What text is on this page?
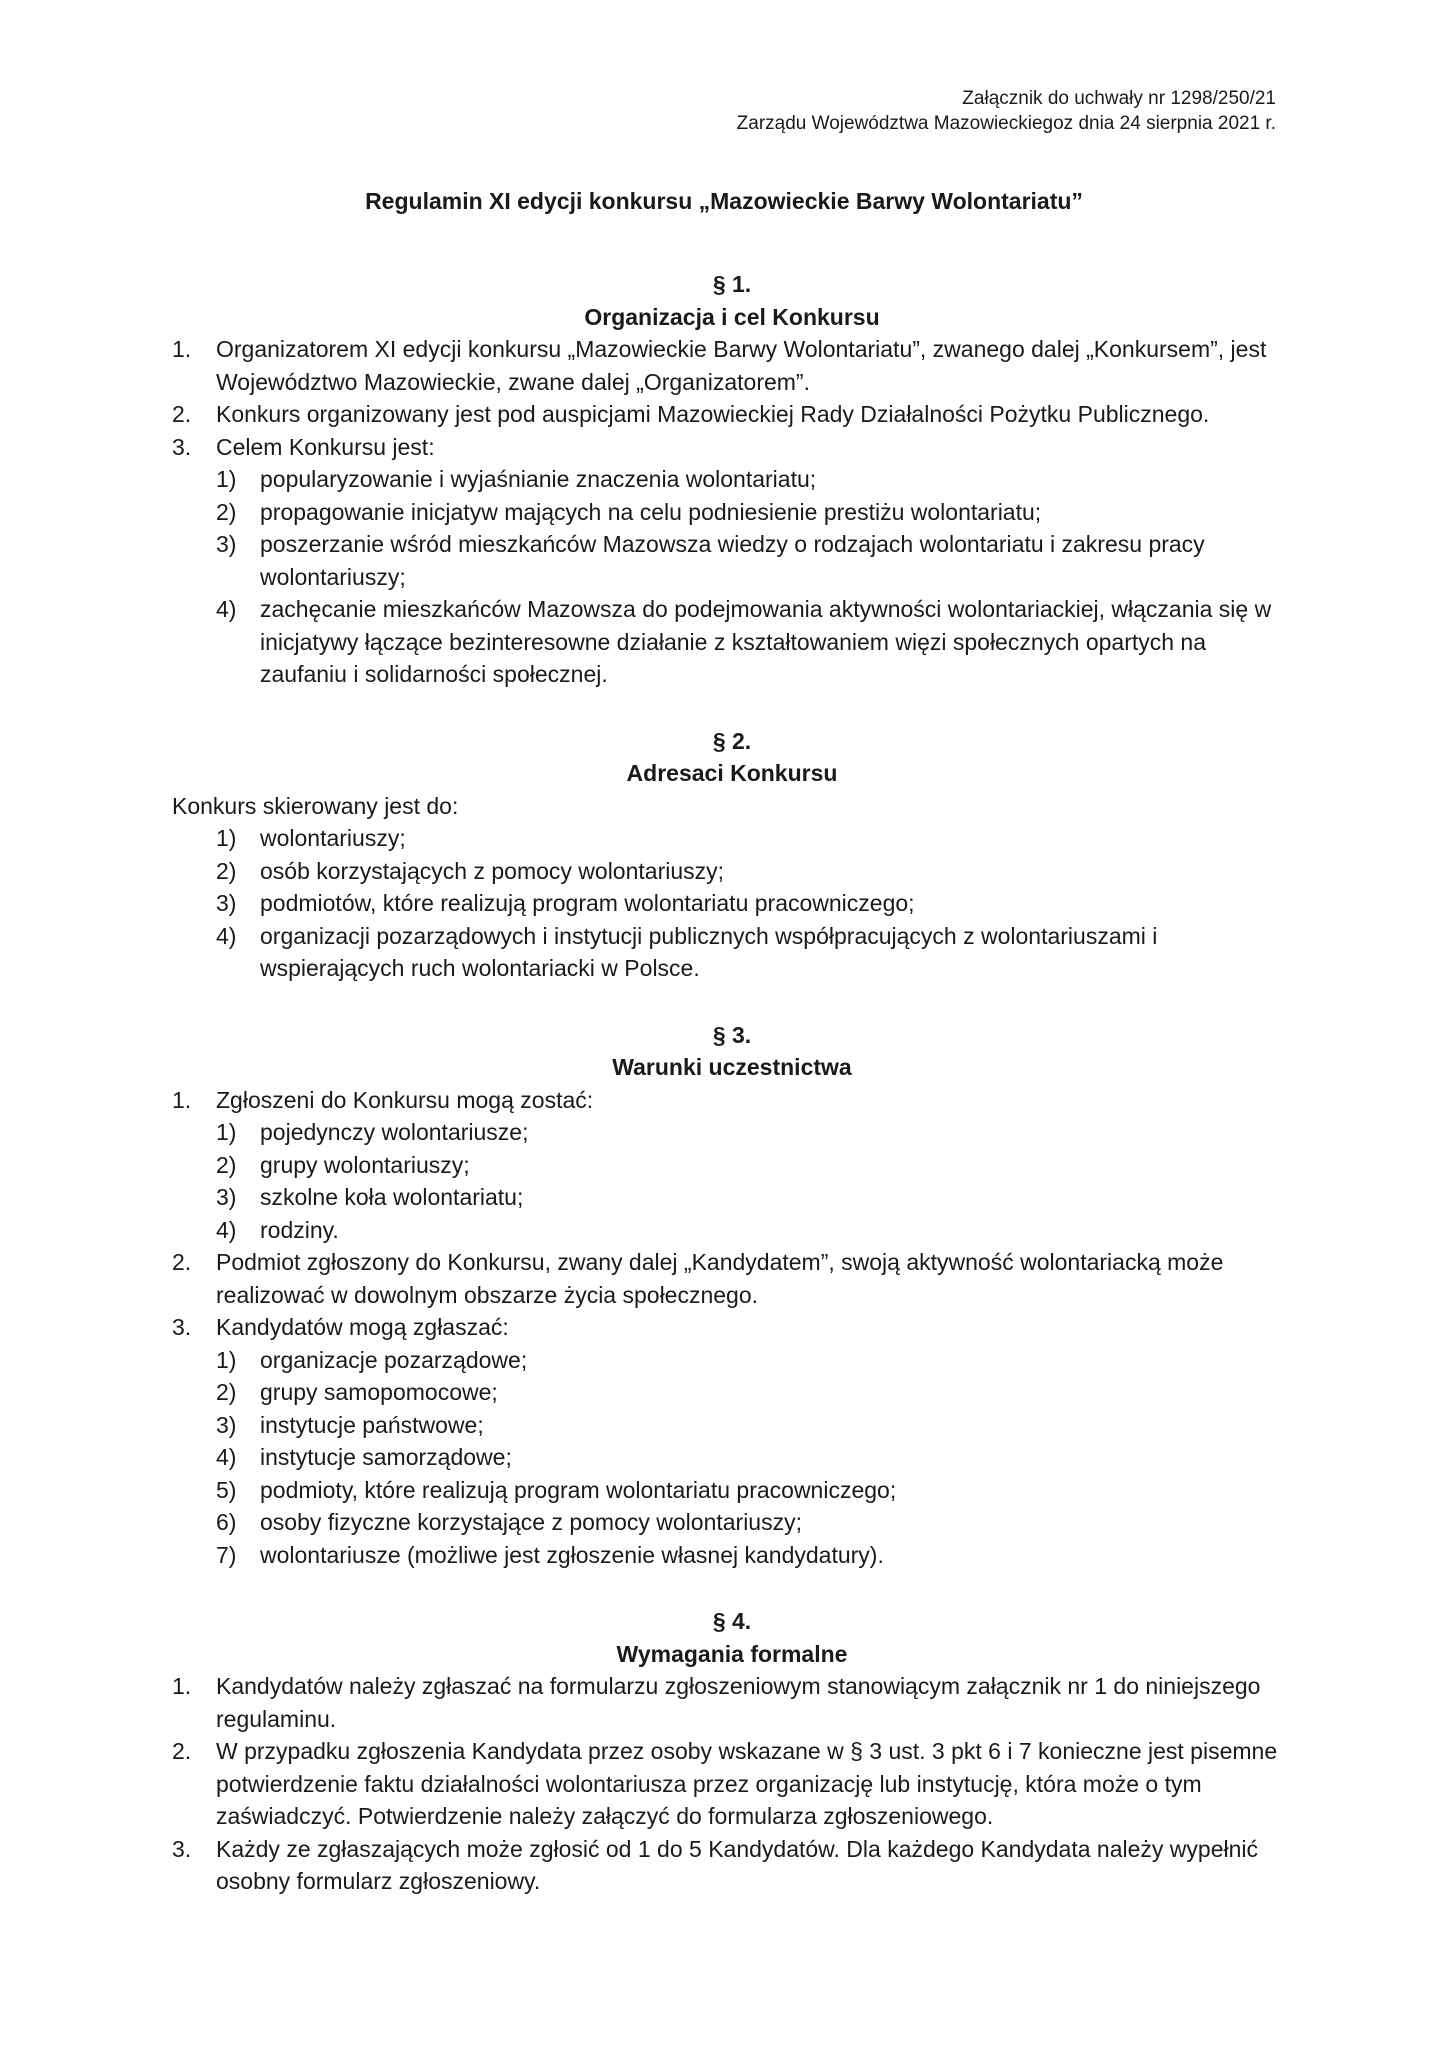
Załącznik do uchwały nr 1298/250/21
Zarządu Województwa Mazowieckiegoz dnia 24 sierpnia 2021 r.
Regulamin XI edycji konkursu „Mazowieckie Barwy Wolontariatu”
§ 1.
Organizacja i cel Konkursu
1. Organizatorem XI edycji konkursu „Mazowieckie Barwy Wolontariatu”, zwanego dalej „Konkursem”, jest Województwo Mazowieckie, zwane dalej „Organizatorem”.
2. Konkurs organizowany jest pod auspicjami Mazowieckiej Rady Działalności Pożytku Publicznego.
3. Celem Konkursu jest:
1) popularyzowanie i wyjaśnianie znaczenia wolontariatu;
2) propagowanie inicjatyw mających na celu podniesienie prestiżu wolontariatu;
3) poszerzanie wśród mieszkańców Mazowsza wiedzy o rodzajach wolontariatu i zakresu pracy wolontariuszy;
4) zachęcanie mieszkańców Mazowsza do podejmowania aktywności wolontariackiej, włączania się w inicjatywy łączące bezinteresowne działanie z kształtowaniem więzi społecznych opartych na zaufaniu i solidarności społecznej.
§ 2.
Adresaci Konkursu
Konkurs skierowany jest do:
1) wolontariuszy;
2) osób korzystających z pomocy wolontariuszy;
3) podmiotów, które realizują program wolontariatu pracowniczego;
4) organizacji pozarządowych i instytucji publicznych współpracujących z wolontariuszami i wspierających ruch wolontariacki w Polsce.
§ 3.
Warunki uczestnictwa
1. Zgłoszeni do Konkursu mogą zostać:
1) pojedynczy wolontariusze;
2) grupy wolontariuszy;
3) szkolne koła wolontariatu;
4) rodziny.
2. Podmiot zgłoszony do Konkursu, zwany dalej „Kandydatem”, swoją aktywność wolontariacką może realizować w dowolnym obszarze życia społecznego.
3. Kandydatów mogą zgłaszać:
1) organizacje pozarządowe;
2) grupy samopomocowe;
3) instytucje państwowe;
4) instytucje samorządowe;
5) podmioty, które realizują program wolontariatu pracowniczego;
6) osoby fizyczne korzystające z pomocy wolontariuszy;
7) wolontariusze (możliwe jest zgłoszenie własnej kandydatury).
§ 4.
Wymagania formalne
1. Kandydatów należy zgłaszać na formularzu zgłoszeniowym stanowiącym załącznik nr 1 do niniejszego regulaminu.
2. W przypadku zgłoszenia Kandydata przez osoby wskazane w § 3 ust. 3 pkt 6 i 7 konieczne jest pisemne potwierdzenie faktu działalności wolontariusza przez organizację lub instytucję, która może o tym zaświadczyć. Potwierdzenie należy załączyć do formularza zgłoszeniowego.
3. Każdy ze zgłaszających może zgłosić od 1 do 5 Kandydatów. Dla każdego Kandydata należy wypełnić osobny formularz zgłoszeniowy.
